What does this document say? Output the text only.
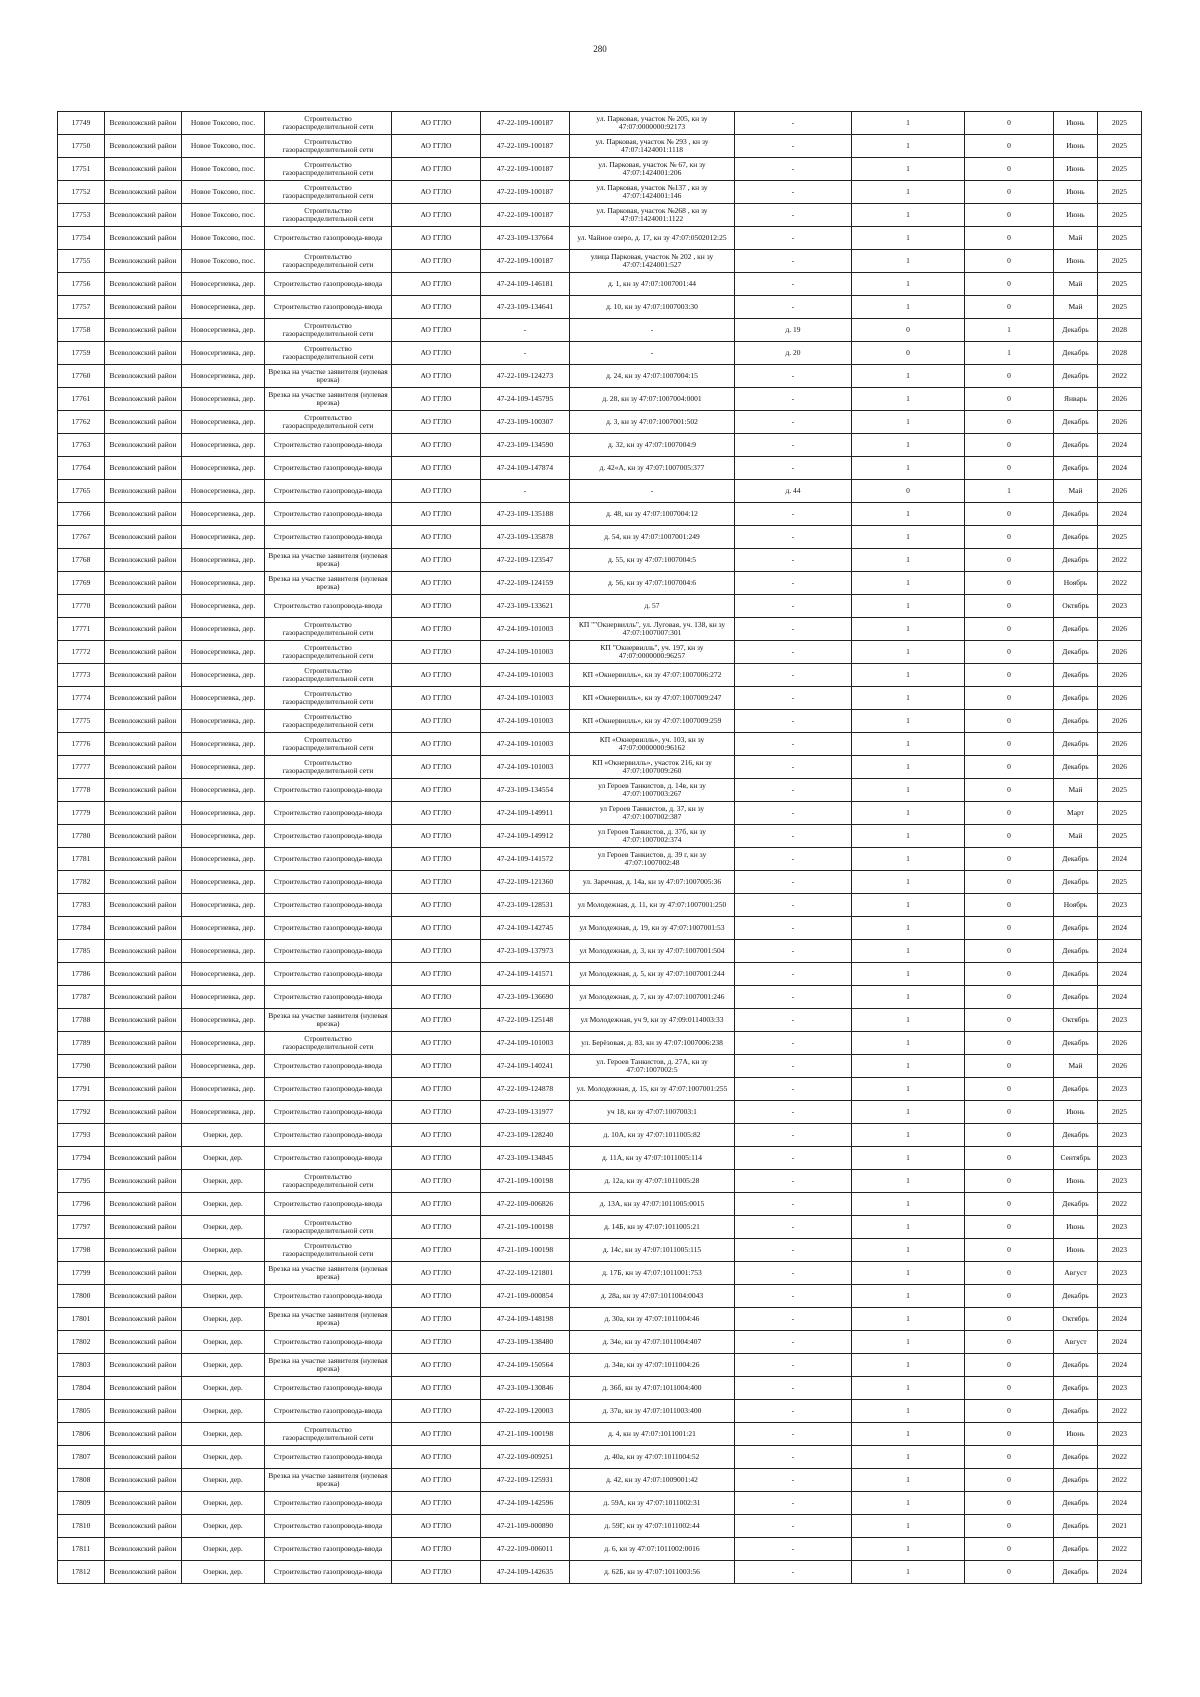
280
17749	Всеволожский район	Новое Токсово, пос.	Строительство газораспределительной сети	АО ГГЛО	47-22-109-100187	ул. Парковая, участок № 205, кн зу 47:07:0000000:92173	-	1	0	Июнь	2025
17750	Всеволожский район	Новое Токсово, пос.	Строительство газораспределительной сети	АО ГГЛО	47-22-109-100187	ул. Парковая, участок № 293 , кн зу 47:07:1424001:1118	-	1	0	Июнь	2025
17751	Всеволожский район	Новое Токсово, пос.	Строительство газораспределительной сети	АО ГГЛО	47-22-109-100187	ул. Парковая, участок № 67, кн зу 47:07:1424001:206	-	1	0	Июнь	2025
17752	Всеволожский район	Новое Токсово, пос.	Строительство газораспределительной сети	АО ГГЛО	47-22-109-100187	ул. Парковая, участок №137 , кн зу 47:07:1424001:146	-	1	0	Июнь	2025
17753	Всеволожский район	Новое Токсово, пос.	Строительство газораспределительной сети	АО ГГЛО	47-22-109-100187	ул. Парковая, участок №268 , кн зу 47:07:1424001:1122	-	1	0	Июнь	2025
17754	Всеволожский район	Новое Токсово, пос.	Строительство газопровода-ввода	АО ГГЛО	47-23-109-137664	ул. Чайное озеро, д. 17, кн зу 47:07:0502012:25	-	1	0	Май	2025
17755	Всеволожский район	Новое Токсово, пос.	Строительство газораспределительной сети	АО ГГЛО	47-22-109-100187	улица Парковая, участок № 202 , кн зу 47:07:1424001:527	-	1	0	Июнь	2025
17756	Всеволожский район	Новосергиевка, дер.	Строительство газопровода-ввода	АО ГГЛО	47-24-109-146181	д. 1, кн зу 47:07:1007001:44	-	1	0	Май	2025
17757	Всеволожский район	Новосергиевка, дер.	Строительство газопровода-ввода	АО ГГЛО	47-23-109-134641	д. 10, кн зу 47:07:1007003:30	-	1	0	Май	2025
17758	Всеволожский район	Новосергиевка, дер.	Строительство газораспределительной сети	АО ГГЛО	-	-	д. 19	0	1	Декабрь	2028
17759	Всеволожский район	Новосергиевка, дер.	Строительство газораспределительной сети	АО ГГЛО	-	-	д. 20	0	1	Декабрь	2028
17760	Всеволожский район	Новосергиевка, дер.	Врезка на участке заявителя (нулевая врезка)	АО ГГЛО	47-22-109-124273	д. 24, кн зу 47:07:1007004:15	-	1	0	Декабрь	2022
17761	Всеволожский район	Новосергиевка, дер.	Врезка на участке заявителя (нулевая врезка)	АО ГГЛО	47-24-109-145795	д. 28, кн зу 47:07:1007004:0001	-	1	0	Январь	2026
17762	Всеволожский район	Новосергиевка, дер.	Строительство газораспределительной сети	АО ГГЛО	47-23-109-100307	д. 3, кн зу 47:07:1007001:502	-	1	0	Декабрь	2026
17763	Всеволожский район	Новосергиевка, дер.	Строительство газопровода-ввода	АО ГГЛО	47-23-109-134590	д. 32, кн зу 47:07:1007004:9	-	1	0	Декабрь	2024
17764	Всеволожский район	Новосергиевка, дер.	Строительство газопровода-ввода	АО ГГЛО	47-24-109-147874	д. 42«А, кн зу 47:07:1007005:377	-	1	0	Декабрь	2024
17765	Всеволожский район	Новосергиевка, дер.	Строительство газопровода-ввода	АО ГГЛО	-	-	д. 44	0	1	Май	2026
17766	Всеволожский район	Новосергиевка, дер.	Строительство газопровода-ввода	АО ГГЛО	47-23-109-135188	д. 48, кн зу 47:07:1007004:12	-	1	0	Декабрь	2024
17767	Всеволожский район	Новосергиевка, дер.	Строительство газопровода-ввода	АО ГГЛО	47-23-109-135878	д. 54, кн зу 47:07:1007001:249	-	1	0	Декабрь	2025
17768	Всеволожский район	Новосергиевка, дер.	Врезка на участке заявителя (нулевая врезка)	АО ГГЛО	47-22-109-123547	д. 55, кн зу 47:07:1007004:5	-	1	0	Декабрь	2022
17769	Всеволожский район	Новосергиевка, дер.	Врезка на участке заявителя (нулевая врезка)	АО ГГЛО	47-22-109-124159	д. 56, кн зу 47:07:1007004:6	-	1	0	Ноябрь	2022
17770	Всеволожский район	Новосергиевка, дер.	Строительство газопровода-ввода	АО ГГЛО	47-23-109-133621	д. 57	-	1	0	Октябрь	2023
17771	Всеволожский район	Новосергиевка, дер.	Строительство газораспределительной сети	АО ГГЛО	47-24-109-101003	КП ""Окнервилль", ул. Луговая, уч. 138, кн зу 47:07:1007007:301	-	1	0	Декабрь	2026
17772	Всеволожский район	Новосергиевка, дер.	Строительство газораспределительной сети	АО ГГЛО	47-24-109-101003	КП "Окнервилль", уч. 197, кн зу 47:07:0000000:96257	-	1	0	Декабрь	2026
17773	Всеволожский район	Новосергиевка, дер.	Строительство газораспределительной сети	АО ГГЛО	47-24-109-101003	КП «Окнервилль», кн зу 47:07:1007006:272	-	1	0	Декабрь	2026
17774	Всеволожский район	Новосергиевка, дер.	Строительство газораспределительной сети	АО ГГЛО	47-24-109-101003	КП «Окнервилль», кн зу 47:07:1007009:247	-	1	0	Декабрь	2026
17775	Всеволожский район	Новосергиевка, дер.	Строительство газораспределительной сети	АО ГГЛО	47-24-109-101003	КП «Окнервилль», кн зу 47:07:1007009:259	-	1	0	Декабрь	2026
17776	Всеволожский район	Новосергиевка, дер.	Строительство газораспределительной сети	АО ГГЛО	47-24-109-101003	КП «Окнервилль», уч. 103, кн зу 47:07:0000000:96162	-	1	0	Декабрь	2026
17777	Всеволожский район	Новосергиевка, дер.	Строительство газораспределительной сети	АО ГГЛО	47-24-109-101003	КП «Окнервилль», участок 216, кн зу 47:07:1007009:260	-	1	0	Декабрь	2026
17778	Всеволожский район	Новосергиевка, дер.	Строительство газопровода-ввода	АО ГГЛО	47-23-109-134554	ул Героев Танкистов, д. 14в, кн зу 47:07:1007003:267	-	1	0	Май	2025
17779	Всеволожский район	Новосергиевка, дер.	Строительство газопровода-ввода	АО ГГЛО	47-24-109-149911	ул Героев Танкистов, д. 37, кн зу 47:07:1007002:387	-	1	0	Март	2025
17780	Всеволожский район	Новосергиевка, дер.	Строительство газопровода-ввода	АО ГГЛО	47-24-109-149912	ул Героев Танкистов, д. 37б, кн зу 47:07:1007002:374	-	1	0	Май	2025
17781	Всеволожский район	Новосергиевка, дер.	Строительство газопровода-ввода	АО ГГЛО	47-24-109-141572	ул Героев Танкистов, д. 39 г, кн зу 47:07:1007002:48	-	1	0	Декабрь	2024
17782	Всеволожский район	Новосергиевка, дер.	Строительство газопровода-ввода	АО ГГЛО	47-22-109-121360	ул. Заречная, д. 14а, кн зу 47:07:1007005:36	-	1	0	Декабрь	2025
17783	Всеволожский район	Новосергиевка, дер.	Строительство газопровода-ввода	АО ГГЛО	47-23-109-128531	ул Молодежная, д. 11, кн зу 47:07:1007001:250	-	1	0	Ноябрь	2023
17784	Всеволожский район	Новосергиевка, дер.	Строительство газопровода-ввода	АО ГГЛО	47-24-109-142745	ул Молодежная, д. 19, кн зу 47:07:1007001:53	-	1	0	Декабрь	2024
17785	Всеволожский район	Новосергиевка, дер.	Строительство газопровода-ввода	АО ГГЛО	47-23-109-137973	ул Молодежная, д. 3, кн зу 47:07:1007001:504	-	1	0	Декабрь	2024
17786	Всеволожский район	Новосергиевка, дер.	Строительство газопровода-ввода	АО ГГЛО	47-24-109-141571	ул Молодежная, д. 5, кн зу 47:07:1007001:244	-	1	0	Декабрь	2024
17787	Всеволожский район	Новосергиевка, дер.	Строительство газопровода-ввода	АО ГГЛО	47-23-109-136690	ул Молодежная, д. 7, кн зу 47:07:1007001:246	-	1	0	Декабрь	2024
17788	Всеволожский район	Новосергиевка, дер.	Врезка на участке заявителя (нулевая врезка)	АО ГГЛО	47-22-109-125148	ул Молодежная, уч 9, кн зу 47:09:0114003:33	-	1	0	Октябрь	2023
17789	Всеволожский район	Новосергиевка, дер.	Строительство газораспределительной сети	АО ГГЛО	47-24-109-101003	ул. Берёзовая, д. 83, кн зу 47:07:1007006:238	-	1	0	Декабрь	2026
17790	Всеволожский район	Новосергиевка, дер.	Строительство газопровода-ввода	АО ГГЛО	47-24-109-140241	ул. Героев Танкистов, д. 27А, кн зу 47:07:1007002:5	-	1	0	Май	2026
17791	Всеволожский район	Новосергиевка, дер.	Строительство газопровода-ввода	АО ГГЛО	47-22-109-124878	ул. Молодежная, д. 15, кн зу 47:07:1007001:255	-	1	0	Декабрь	2023
17792	Всеволожский район	Новосергиевка, дер.	Строительство газопровода-ввода	АО ГГЛО	47-23-109-131977	уч 18, кн зу 47:07:1007003:1	-	1	0	Июнь	2025
17793	Всеволожский район	Озерки, дер.	Строительство газопровода-ввода	АО ГГЛО	47-23-109-128240	д. 10А, кн зу 47:07:1011005:82	-	1	0	Декабрь	2023
17794	Всеволожский район	Озерки, дер.	Строительство газопровода-ввода	АО ГГЛО	47-23-109-134845	д. 11А, кн зу 47:07:1011005:114	-	1	0	Сентябрь	2023
17795	Всеволожский район	Озерки, дер.	Строительство газораспределительной сети	АО ГГЛО	47-21-109-100198	д. 12а, кн зу 47:07:1011005:28	-	1	0	Июнь	2023
17796	Всеволожский район	Озерки, дер.	Строительство газопровода-ввода	АО ГГЛО	47-22-109-006826	д. 13А, кн зу 47:07:1011005:0015	-	1	0	Декабрь	2022
17797	Всеволожский район	Озерки, дер.	Строительство газораспределительной сети	АО ГГЛО	47-21-109-100198	д. 14Б, кн зу 47:07:1011005:21	-	1	0	Июнь	2023
17798	Всеволожский район	Озерки, дер.	Строительство газораспределительной сети	АО ГГЛО	47-21-109-100198	д. 14с, кн зу 47:07:1011005:115	-	1	0	Июнь	2023
17799	Всеволожский район	Озерки, дер.	Врезка на участке заявителя (нулевая врезка)	АО ГГЛО	47-22-109-121801	д. 17Б, кн зу 47:07:1011001:753	-	1	0	Август	2023
17800	Всеволожский район	Озерки, дер.	Строительство газопровода-ввода	АО ГГЛО	47-21-109-000854	д. 28а, кн зу 47:07:1011004:0043	-	1	0	Декабрь	2023
17801	Всеволожский район	Озерки, дер.	Врезка на участке заявителя (нулевая врезка)	АО ГГЛО	47-24-109-148198	д. 30а, кн зу 47:07:1011004:46	-	1	0	Октябрь	2024
17802	Всеволожский район	Озерки, дер.	Строительство газопровода-ввода	АО ГГЛО	47-23-109-138480	д. 34е, кн зу 47:07:1011004:407	-	1	0	Август	2024
17803	Всеволожский район	Озерки, дер.	Врезка на участке заявителя (нулевая врезка)	АО ГГЛО	47-24-109-150564	д. 34в, кн зу 47:07:1011004:26	-	1	0	Декабрь	2024
17804	Всеволожский район	Озерки, дер.	Строительство газопровода-ввода	АО ГГЛО	47-23-109-130846	д. 36б, кн зу 47:07:1011004:400	-	1	0	Декабрь	2023
17805	Всеволожский район	Озерки, дер.	Строительство газопровода-ввода	АО ГГЛО	47-22-109-120003	д. 37в, кн зу 47:07:1011003:400	-	1	0	Декабрь	2022
17806	Всеволожский район	Озерки, дер.	Строительство газораспределительной сети	АО ГГЛО	47-21-109-100198	д. 4, кн зу 47:07:1011001:21	-	1	0	Июнь	2023
17807	Всеволожский район	Озерки, дер.	Строительство газопровода-ввода	АО ГГЛО	47-22-109-009251	д. 40а, кн зу 47:07:1011004:52	-	1	0	Декабрь	2022
17808	Всеволожский район	Озерки, дер.	Врезка на участке заявителя (нулевая врезка)	АО ГГЛО	47-22-109-125931	д. 42, кн зу 47:07:1009001:42	-	1	0	Декабрь	2022
17809	Всеволожский район	Озерки, дер.	Строительство газопровода-ввода	АО ГГЛО	47-24-109-142596	д. 59А, кн зу 47:07:1011002:31	-	1	0	Декабрь	2024
17810	Всеволожский район	Озерки, дер.	Строительство газопровода-ввода	АО ГГЛО	47-21-109-000890	д. 59Г, кн зу 47:07:1011002:44	-	1	0	Декабрь	2021
17811	Всеволожский район	Озерки, дер.	Строительство газопровода-ввода	АО ГГЛО	47-22-109-006011	д. 6, кн зу 47:07:1011002:0016	-	1	0	Декабрь	2022
17812	Всеволожский район	Озерки, дер.	Строительство газопровода-ввода	АО ГГЛО	47-24-109-142635	д. 62Б, кн зу 47:07:1011003:56	-	1	0	Декабрь	2024
